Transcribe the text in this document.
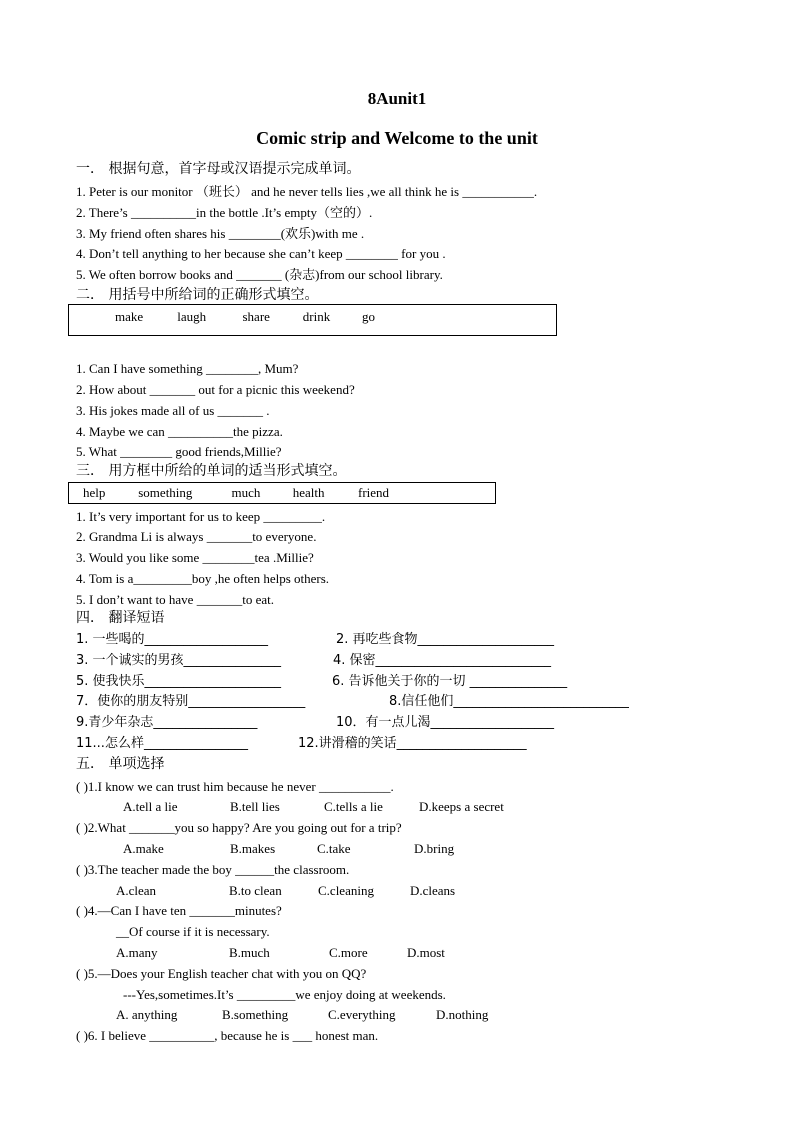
8Aunit1
Comic strip and Welcome to the unit
一． 根据句意，首字母或汉语提示完成单词。
1. Peter is our monitor （班长） and he never tells lies ,we all think he is ___________.
2. There’s __________in the bottle .It’s empty（空的）.
3. My friend often shares his ________(欢乐)with me .
4. Don’t tell anything to her because she can’t keep ________ for you .
5. We often borrow books and _______ (杂志)from our school library.
二． 用括号中所给词的正确形式填空。
make	laugh	share	drink go
1. Can I have something ________, Mum?
2. How about _______ out for a picnic this weekend?
3. His jokes made all of us _______ .
4. Maybe we can __________the pizza.
5. What ________ good friends,Millie?
三． 用方框中所给的单词的适当形式填空。
help	something	much health	friend
1. It’s very important for us to keep _________.
2. Grandma Li is always _______to everyone.
3. Would you like some ________tea .Millie?
4. Tom is a_________boy ,he often helps others.
5. I don’t want to have _______to eat.
四． 翻译短语
1. 一些喝的___________________	2. 再吃些食物_____________________
3. 一个诚实的男孩_______________	4. 保密___________________________
5. 使我快乐_____________________	6. 告诉他关于你的一切 _______________
7．使你的朋友特别__________________	8.信任他们___________________________
9.青少年杂志________________	10．有一点儿渴___________________
11...怎么样________________	12.讲滑稽的笑话____________________
五． 单项选择
( )1.I know we can trust him because he never ___________.
A.tell a lie	B.tell lies	C.tells a lie	D.keeps a secret
( )2.What _______you so happy? Are you going out for a trip?
A.make	B.makes	C.take	D.bring
( )3.The teacher made the boy ______the classroom.
A.clean	B.to clean	C.cleaning	D.cleans
( )4.—Can I have ten _______minutes?
__Of course if it is necessary.
A.many	B.much	C.more	D.most
( )5.—Does your English teacher chat with you on QQ?
---Yes,sometimes.It’s _________we enjoy doing at weekends.
A. anything	B.something	C.everything	D.nothing
( )6. I believe __________, because he is ___ honest man.
